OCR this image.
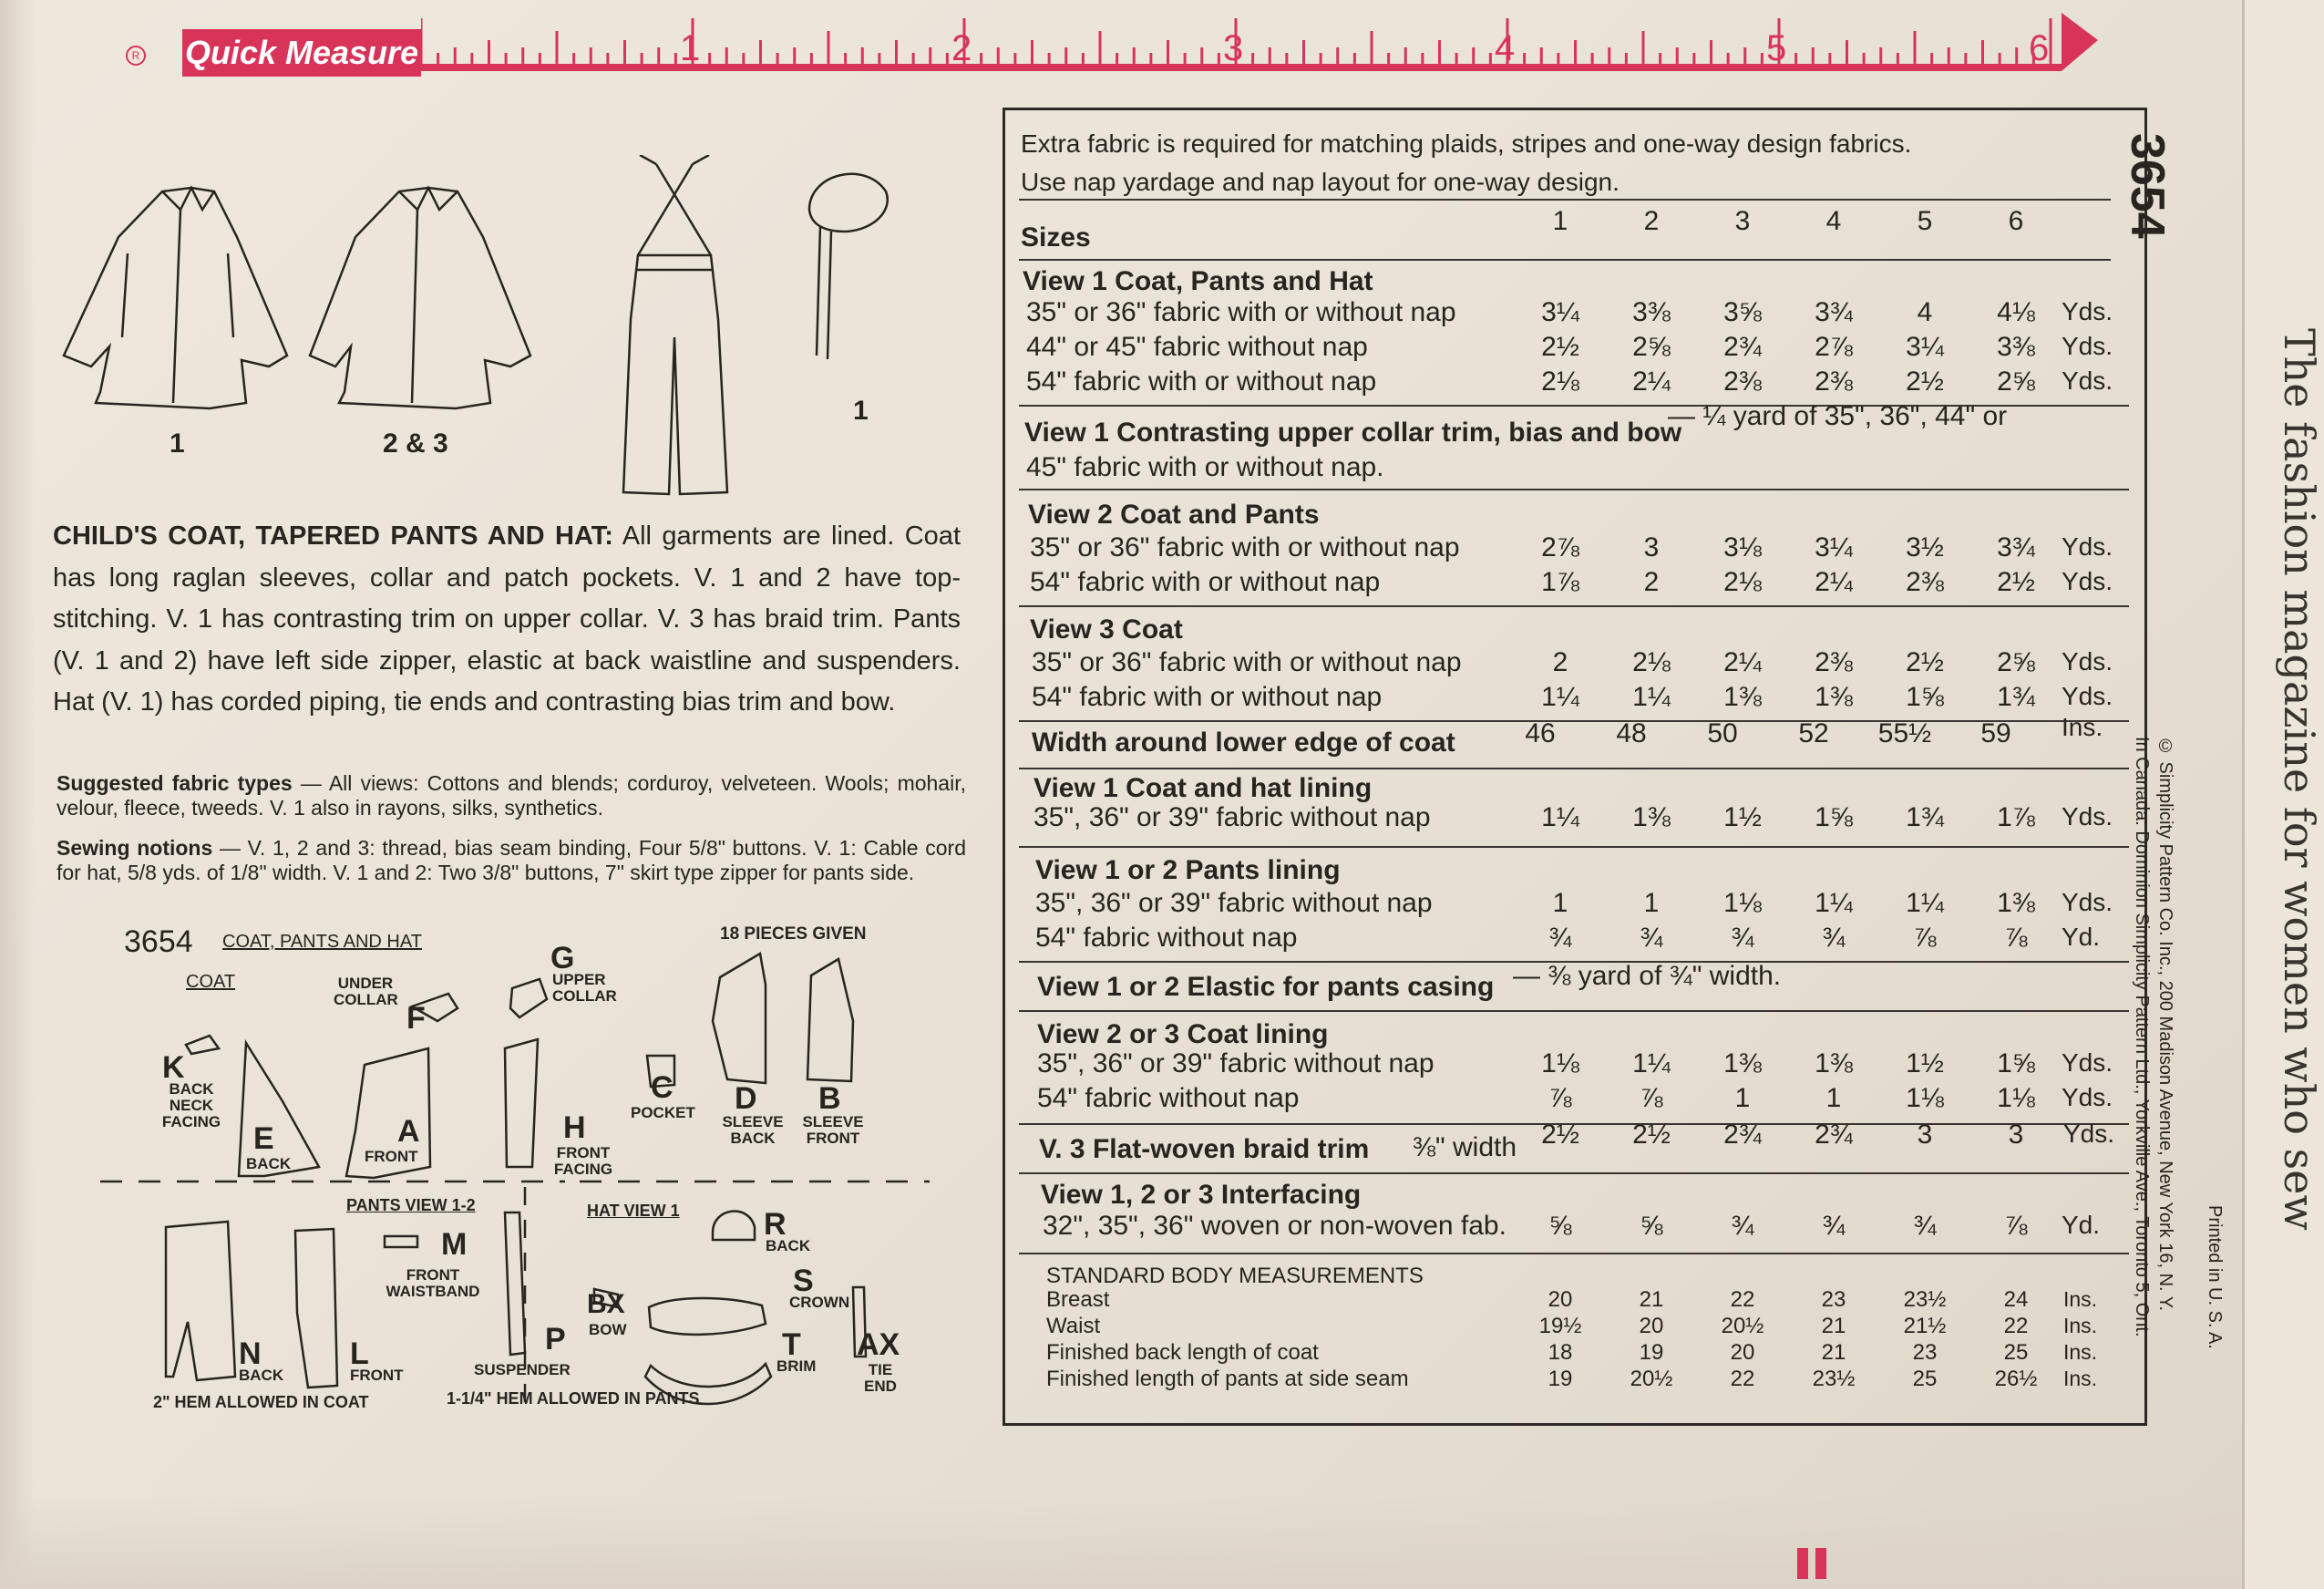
The fashion magazine for women who sew
R Quick Measure	1	2	3	4	5	6
1	2 & 3
1
CHILD'S COAT, TAPERED PANTS AND HAT: All garments are lined. Coat has long raglan sleeves, collar and patch pockets. V. 1 and 2 have top-stitching. V. 1 has contrasting trim on upper collar. V. 3 has braid trim. Pants (V. 1 and 2) have left side zipper, elastic at back waistline and suspenders. Hat (V. 1) has corded piping, tie ends and contrasting bias trim and bow.
Suggested fabric types — All views: Cottons and blends; corduroy, velveteen. Wools; mohair, velour, fleece, tweeds. V. 1 also in rayons, silks, synthetics.
Sewing notions — V. 1, 2 and 3: thread, bias seam binding, Four 5/8" buttons. V. 1: Cable cord for hat, 5/8 yds. of 1/8" width. V. 1 and 2: Two 3/8" buttons, 7" skirt type zipper for pants side.
3654 COAT, PANTS AND HAT	18 PIECES GIVEN
COAT
BACK NECK FACING
K
E
BACK
A
FRONT
F
UNDER COLLAR
G
UPPER COLLAR
H
FRONT FACING
C
POCKET D
SLEEVE BACK
B
SLEEVE FRONT
PANTS VIEW 1-2
M
FRONT WAISTBAND
N
BACK
L
FRONT
P
SUSPENDER
HAT VIEW 1
BX
BOW
R
BACK
S
CROWN
T
BRIM
AX
TIE END
2" HEM ALLOWED IN COAT	1-1/4" HEM ALLOWED IN PANTS
Extra fabric is required for matching plaids, stripes and one-way design fabrics.
Use nap yardage and nap layout for one-way design.
Sizes
1	2	3	4	5	6
View 1 Coat, Pants and Hat
35" or 36" fabric with or without nap	3¼	3⅜	3⅝	3¾	4	4⅛	Yds.
44" or 45" fabric without nap	2½	2⅝	2¾	2⅞	3¼	3⅜	Yds.
54" fabric with or without nap	2⅛	2¼	2⅜	2⅜	2½	2⅝	Yds.
View 1 Contrasting upper collar trim, bias and bow
— ¼ yard of 35", 36", 44" or
45" fabric with or without nap.
View 2 Coat and Pants
35" or 36" fabric with or without nap	2⅞	3	3⅛	3¼	3½	3¾	Yds.
54" fabric with or without nap	1⅞	2	2⅛	2¼	2⅜	2½	Yds.
View 3 Coat
35" or 36" fabric with or without nap	2	2⅛	2¼	2⅜	2½	2⅝	Yds.
54" fabric with or without nap	1¼	1¼	1⅜	1⅜	1⅝	1¾	Yds.
Width around lower edge of coat	46	48	50	52	55½	59	Ins.
View 1 Coat and hat lining
35", 36" or 39" fabric without nap	1¼	1⅜	1½	1⅝	1¾	1⅞	Yds.
View 1 or 2 Pants lining
35", 36" or 39" fabric without nap	1	1	1⅛	1¼	1¼	1⅜	Yds.
54" fabric without nap	¾	¾	¾	¾	⅞	⅞	Yd.
View 1 or 2 Elastic for pants casing — ⅜ yard of ¾" width.
View 2 or 3 Coat lining
35", 36" or 39" fabric without nap	1⅛	1¼	1⅜	1⅜	1½	1⅝	Yds.
54" fabric without nap	⅞	⅞	1	1	1⅛	1⅛	Yds.
V. 3 Flat-woven braid trim ⅜" width 2½	2½	2¾	2¾	3	3	Yds.
View 1, 2 or 3 Interfacing
32", 35", 36" woven or non-woven fab.	⅝	⅝	¾	¾	¾	⅞	Yd.
STANDARD BODY MEASUREMENTS
Breast	20	21	22	23	23½	24	Ins.
Waist	19½	20	20½	21	21½	22	Ins.
Finished back length of coat	18	19	20	21	23	25	Ins.
Finished length of pants at side seam	19	20½	22	23½	25	26½	Ins.
3654
© Simplicity Pattern Co. Inc., 200 Madison Avenue, New York 16, N. Y.
In Canada: Dominion Simplicity Pattern Ltd., Yorkville Ave., Toronto 5, Ont.	Printed in U. S. A.
